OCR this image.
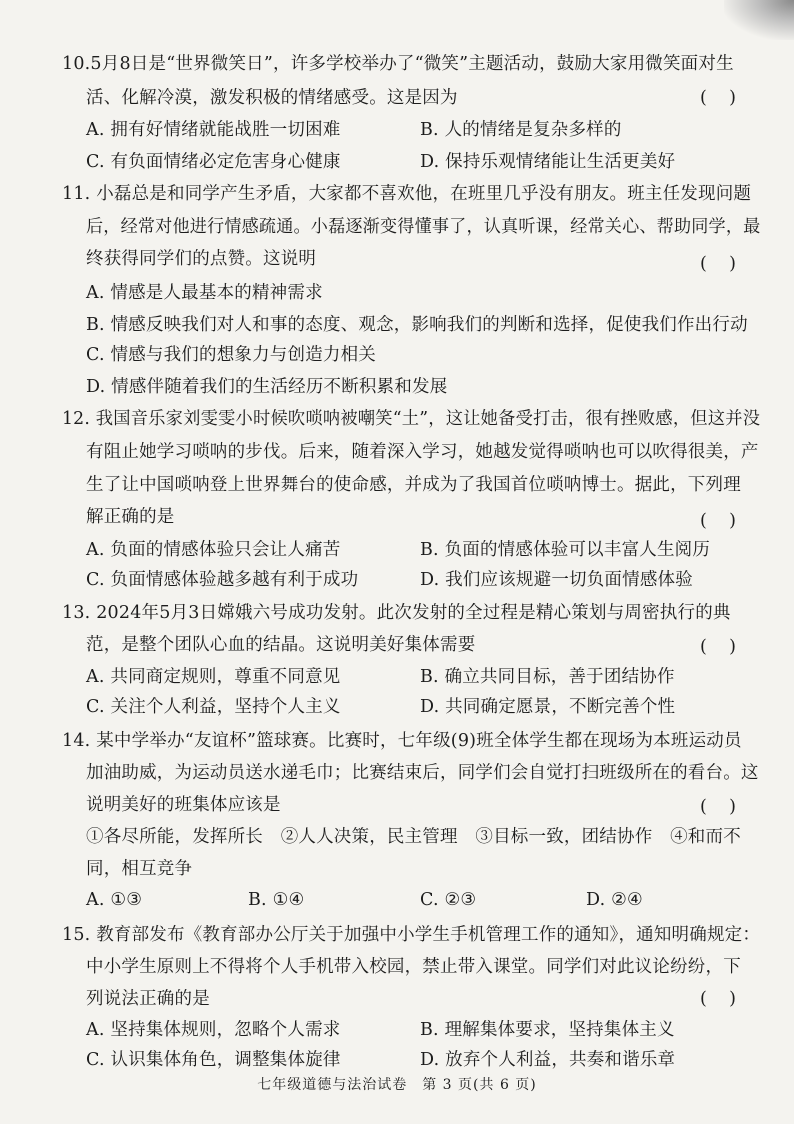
10.5月8日是“世界微笑日”，许多学校举办了“微笑”主题活动，鼓励大家用微笑面对生
活、化解冷漠，激发积极的情绪感受。这是因为	(    )
A. 拥有好情绪就能战胜一切困难	B. 人的情绪是复杂多样的
C. 有负面情绪必定危害身心健康	D. 保持乐观情绪能让生活更美好
11. 小磊总是和同学产生矛盾，大家都不喜欢他，在班里几乎没有朋友。班主任发现问题
后，经常对他进行情感疏通。小磊逐渐变得懂事了，认真听课，经常关心、帮助同学，最
终获得同学们的点赞。这说明	(    )
A. 情感是人最基本的精神需求
B. 情感反映我们对人和事的态度、观念，影响我们的判断和选择，促使我们作出行动
C. 情感与我们的想象力与创造力相关
D. 情感伴随着我们的生活经历不断积累和发展
12. 我国音乐家刘雯雯小时候吹唢呐被嘲笑“土”，这让她备受打击，很有挫败感，但这并没
有阻止她学习唢呐的步伐。后来，随着深入学习，她越发觉得唢呐也可以吹得很美，产
生了让中国唢呐登上世界舞台的使命感，并成为了我国首位唢呐博士。据此，下列理
解正确的是	(    )
A. 负面的情感体验只会让人痛苦	B. 负面的情感体验可以丰富人生阅历
C. 负面情感体验越多越有利于成功	D. 我们应该规避一切负面情感体验
13. 2024年5月3日嫦娥六号成功发射。此次发射的全过程是精心策划与周密执行的典
范，是整个团队心血的结晶。这说明美好集体需要	(    )
A. 共同商定规则，尊重不同意见	B. 确立共同目标，善于团结协作
C. 关注个人利益，坚持个人主义	D. 共同确定愿景，不断完善个性
14. 某中学举办“友谊杯”篮球赛。比赛时，七年级(9)班全体学生都在现场为本班运动员
加油助威，为运动员送水递毛巾；比赛结束后，同学们会自觉打扫班级所在的看台。这
说明美好的班集体应该是	(    )
①各尽所能，发挥所长　②人人决策，民主管理　③目标一致，团结协作　④和而不
同，相互竞争
A. ①③	B. ①④	C. ②③	D. ②④
15. 教育部发布《教育部办公厅关于加强中小学生手机管理工作的通知》，通知明确规定：
中小学生原则上不得将个人手机带入校园，禁止带入课堂。同学们对此议论纷纷，下
列说法正确的是	(    )
A. 坚持集体规则，忽略个人需求	B. 理解集体要求，坚持集体主义
C. 认识集体角色，调整集体旋律	D. 放弃个人利益，共奏和谐乐章
七年级道德与法治试卷　第 3 页(共 6 页)
